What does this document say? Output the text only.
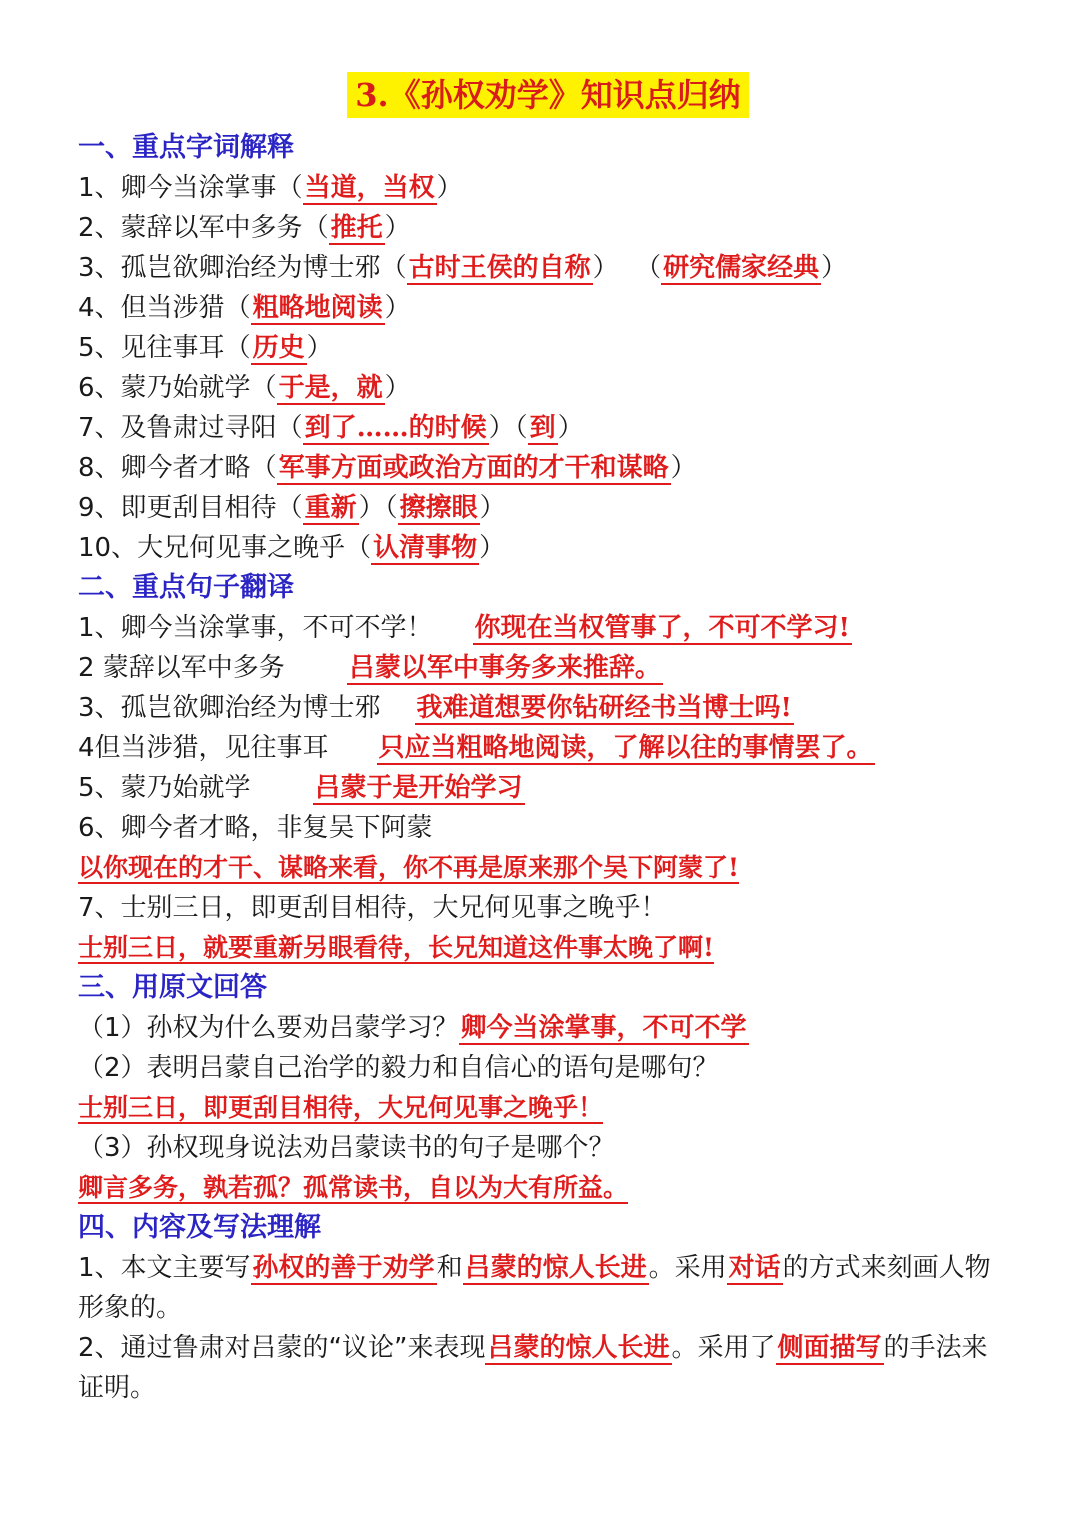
3.《孙权劝学》知识点归纳
一、重点字词解释
1、卿今当涂掌事（当道，当权）
2、蒙辞以军中多务（推托）
3、孤岂欲卿治经为博士邪（古时王侯的自称）  （研究儒家经典）
4、但当涉猎（粗略地阅读）
5、见往事耳（历史）
6、蒙乃始就学（于是，就）
7、及鲁肃过寻阳（到了……的时候）（到）
8、卿今者才略（军事方面或政治方面的才干和谋略）
9、即更刮目相待（重新）（擦擦眼）
10、大兄何见事之晚乎（认清事物）
二、重点句子翻译
1、卿今当涂掌事，不可不学！ 你现在当权管事了，不可不学习!
2 蒙辞以军中多务 吕蒙以军中事务多来推辞。
3、孤岂欲卿治经为博士邪 我难道想要你钻研经书当博士吗!
4但当涉猎，见往事耳 只应当粗略地阅读，了解以往的事情罢了。
5、蒙乃始就学 吕蒙于是开始学习
6、卿今者才略，非复吴下阿蒙
以你现在的才干、谋略来看，你不再是原来那个吴下阿蒙了!
7、士别三日，即更刮目相待，大兄何见事之晚乎！
士别三日，就要重新另眼看待，长兄知道这件事太晚了啊!
三、用原文回答
（1）孙权为什么要劝吕蒙学习？卿今当涂掌事，不可不学
（2）表明吕蒙自己治学的毅力和自信心的语句是哪句？
士别三日，即更刮目相待，大兄何见事之晚乎！
（3）孙权现身说法劝吕蒙读书的句子是哪个？
卿言多务，孰若孤？孤常读书，自以为大有所益。
四、内容及写法理解
1、本文主要写孙权的善于劝学和吕蒙的惊人长进。采用对话的方式来刻画人物形象的。
2、通过鲁肃对吕蒙的“议论”来表现吕蒙的惊人长进。采用了侧面描写的手法来证明。
